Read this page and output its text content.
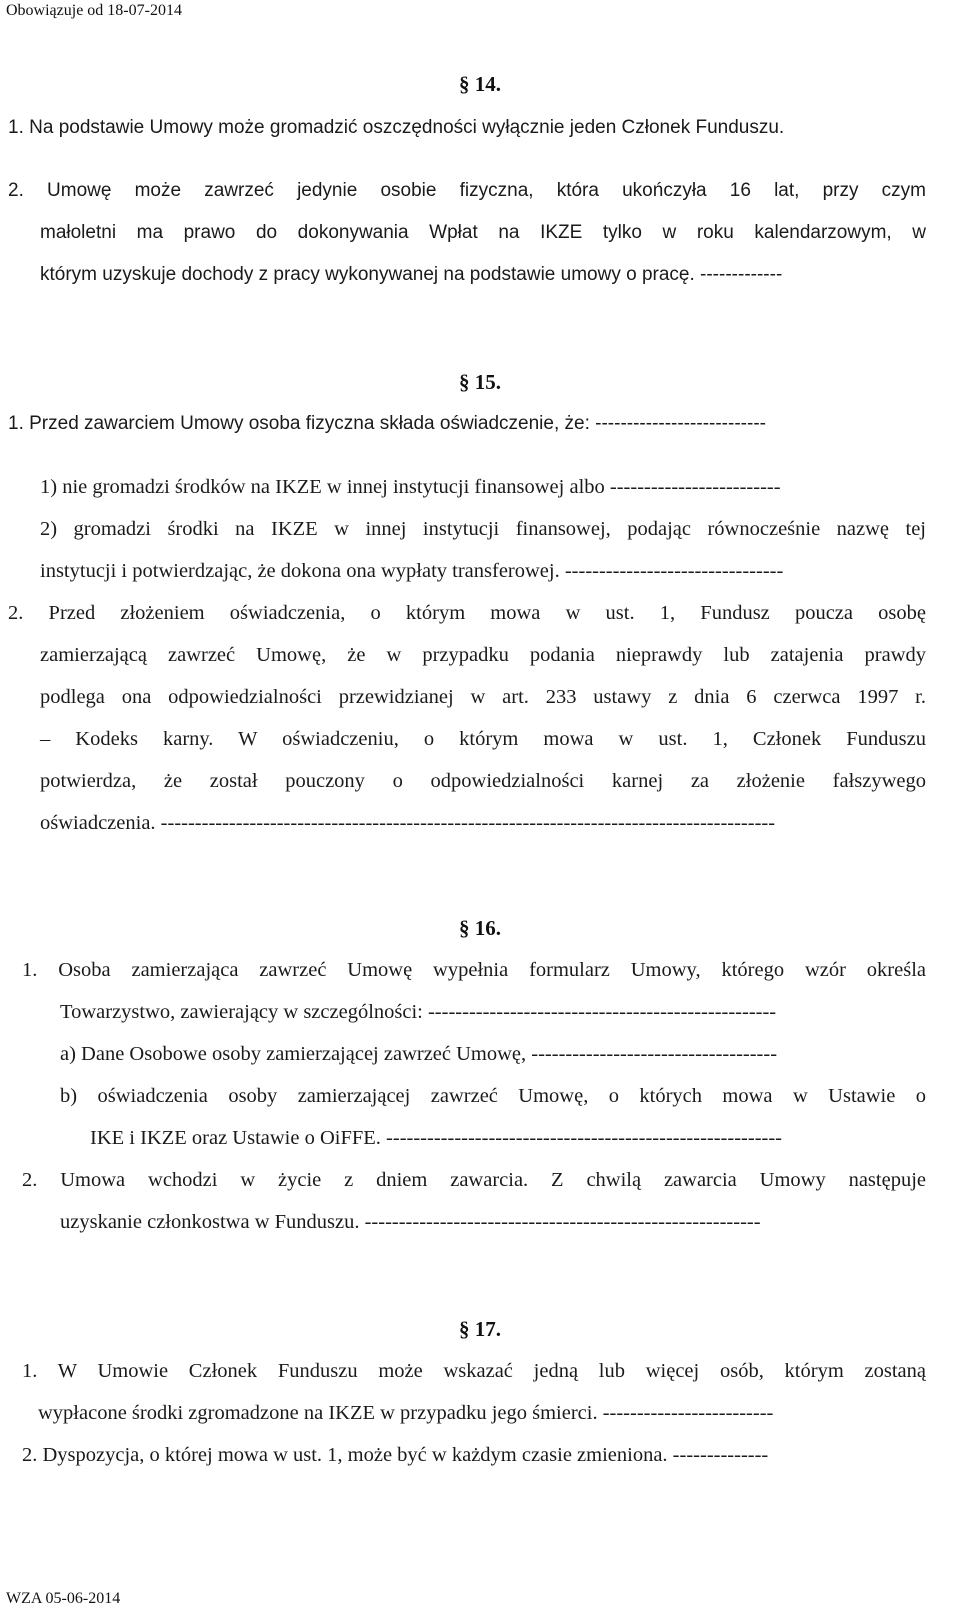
Obowiązuje od 18-07-2014
§ 14.
1. Na podstawie Umowy może gromadzić oszczędności wyłącznie jeden Członek Funduszu.
2. Umowę może zawrzeć jedynie osobie fizyczna, która ukończyła 16 lat, przy czym
małoletni ma prawo do dokonywania Wpłat na IKZE tylko w roku kalendarzowym, w
którym uzyskuje dochody z pracy wykonywanej na podstawie umowy o pracę. -------------
§ 15.
1. Przed zawarciem Umowy osoba fizyczna składa oświadczenie, że: ---------------------------
1) nie gromadzi środków na IKZE w innej instytucji finansowej albo -------------------------
2) gromadzi środki na IKZE w innej instytucji finansowej, podając równocześnie nazwę tej
instytucji i potwierdzając, że dokona ona wypłaty transferowej. --------------------------------
2. Przed złożeniem oświadczenia, o którym mowa w ust. 1, Fundusz poucza osobę
zamierzającą zawrzeć Umowę, że w przypadku podania nieprawdy lub zatajenia prawdy
podlega ona odpowiedzialności przewidzianej w art. 233 ustawy z dnia 6 czerwca 1997 r.
– Kodeks karny. W oświadczeniu, o którym mowa w ust. 1, Członek Funduszu
potwierdza, że został pouczony o odpowiedzialności karnej za złożenie fałszywego
oświadczenia. ------------------------------------------------------------------------------------------
§ 16.
1. Osoba zamierzająca zawrzeć Umowę wypełnia formularz Umowy, którego wzór określa
Towarzystwo, zawierający w szczególności: ---------------------------------------------------
a) Dane Osobowe osoby zamierzającej zawrzeć Umowę, ------------------------------------
b) oświadczenia osoby zamierzającej zawrzeć Umowę, o których mowa w Ustawie o
IKE i IKZE oraz Ustawie o OiFFE. ----------------------------------------------------------
2. Umowa wchodzi w życie z dniem zawarcia. Z chwilą zawarcia Umowy następuje
uzyskanie członkostwa w Funduszu. ----------------------------------------------------------
§ 17.
1. W Umowie Członek Funduszu może wskazać jedną lub więcej osób, którym zostaną
wypłacone środki zgromadzone na IKZE w przypadku jego śmierci. -------------------------
2. Dyspozycja, o której mowa w ust. 1, może być w każdym czasie zmieniona. --------------
WZA 05-06-2014
